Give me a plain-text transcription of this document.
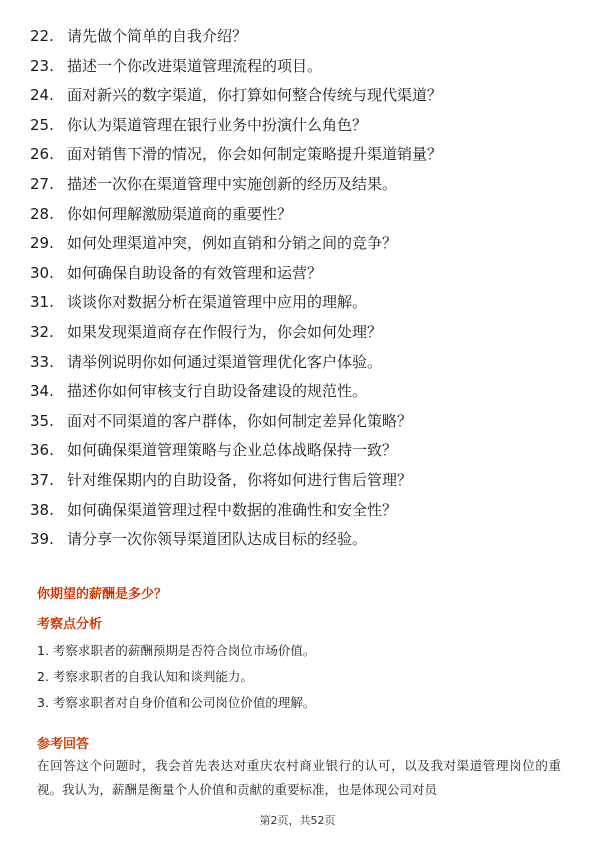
22. 请先做个简单的自我介绍？
23. 描述一个你改进渠道管理流程的项目。
24. 面对新兴的数字渠道，你打算如何整合传统与现代渠道？
25. 你认为渠道管理在银行业务中扮演什么角色？
26. 面对销售下滑的情况，你会如何制定策略提升渠道销量？
27. 描述一次你在渠道管理中实施创新的经历及结果。
28. 你如何理解激励渠道商的重要性？
29. 如何处理渠道冲突，例如直销和分销之间的竞争？
30. 如何确保自助设备的有效管理和运营？
31. 谈谈你对数据分析在渠道管理中应用的理解。
32. 如果发现渠道商存在作假行为，你会如何处理？
33. 请举例说明你如何通过渠道管理优化客户体验。
34. 描述你如何审核支行自助设备建设的规范性。
35. 面对不同渠道的客户群体，你如何制定差异化策略？
36. 如何确保渠道管理策略与企业总体战略保持一致？
37. 针对维保期内的自助设备，你将如何进行售后管理？
38. 如何确保渠道管理过程中数据的准确性和安全性？
39. 请分享一次你领导渠道团队达成目标的经验。
你期望的薪酬是多少？
考察点分析
1. 考察求职者的薪酬预期是否符合岗位市场价值。
2. 考察求职者的自我认知和谈判能力。
3. 考察求职者对自身价值和公司岗位价值的理解。
参考回答
在回答这个问题时，我会首先表达对重庆农村商业银行的认可，以及我对渠道管理岗位的重视。我认为，薪酬是衡量个人价值和贡献的重要标准，也是体现公司对员
第2页，共52页
